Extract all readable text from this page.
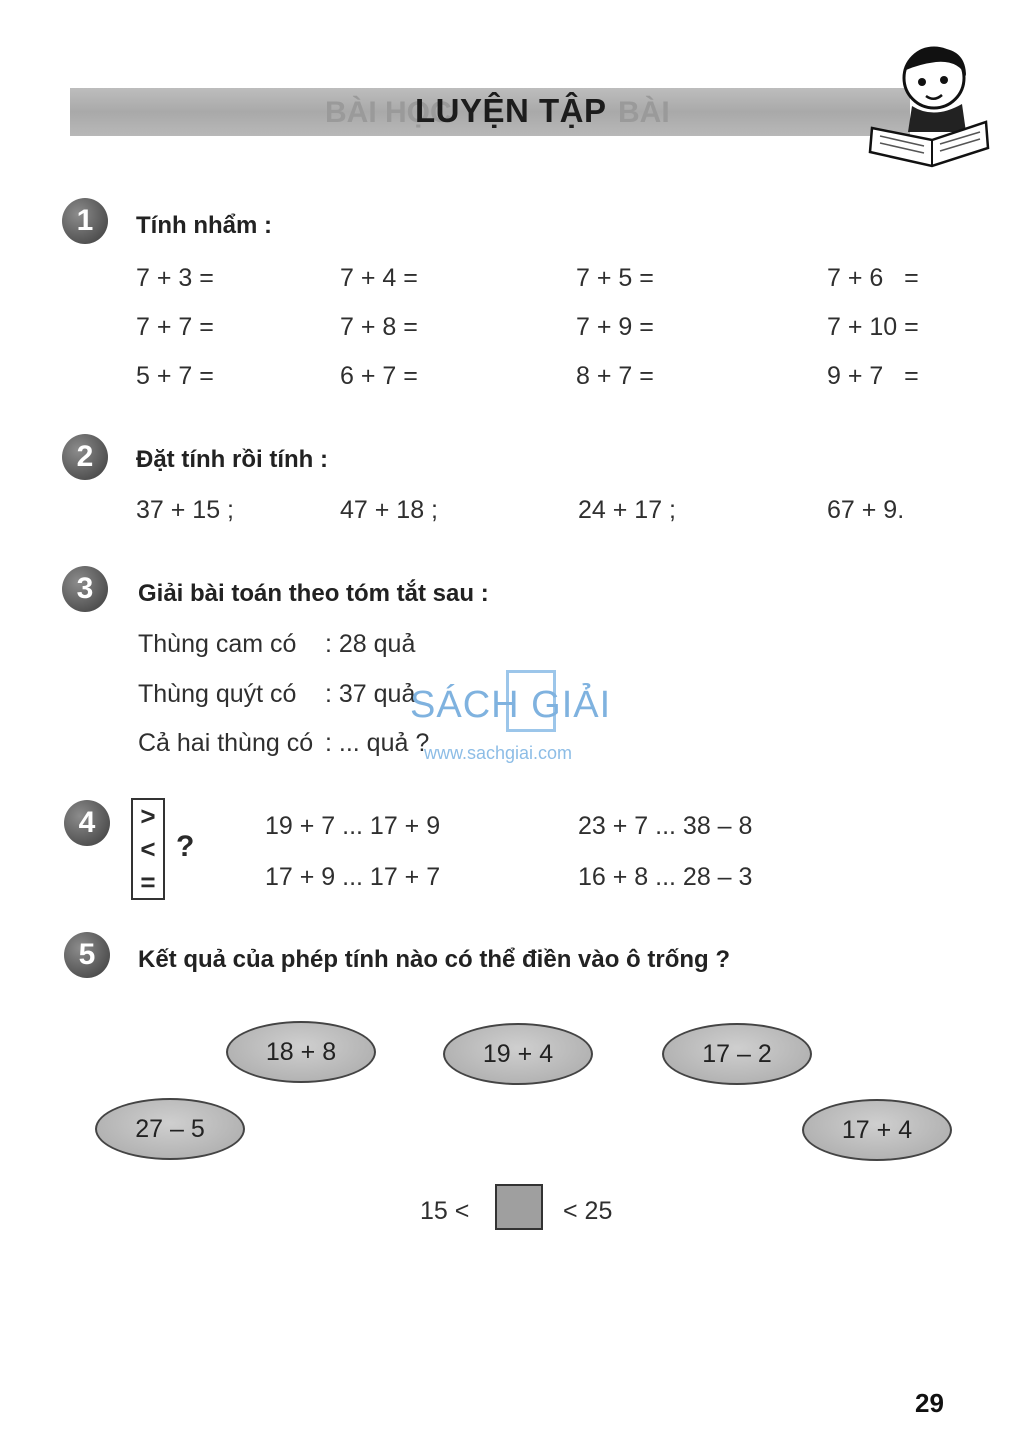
BÀI HỌC	BÀI
LUYỆN TẬP
1	Tính nhẩm :
7 + 3 =	7 + 4 =	7 + 5 =	7 + 6   =
7 + 7 =	7 + 8 =	7 + 9 =	7 + 10 =
5 + 7 =	6 + 7 =	8 + 7 =	9 + 7   =
2	Đặt tính rồi tính :
37 + 15 ;	47 + 18 ;	24 + 17 ;	67 + 9.
3	Giải bài toán theo tóm tắt sau :
Thùng cam có : 28 quả
Thùng quýt có : 37 quả
Cả hai thùng có : ... quả ?
SÁCH GIẢI
www.sachgiai.com
4	>
<
=
?
19 + 7 ... 17 + 9	23 + 7 ... 38 – 8
17 + 9 ... 17 + 7	16 + 8 ... 28 – 3
5	Kết quả của phép tính nào có thể điền vào ô trống ?
18 + 8	19 + 4	17 – 2
27 – 5	17 + 4
15 <	< 25
29
